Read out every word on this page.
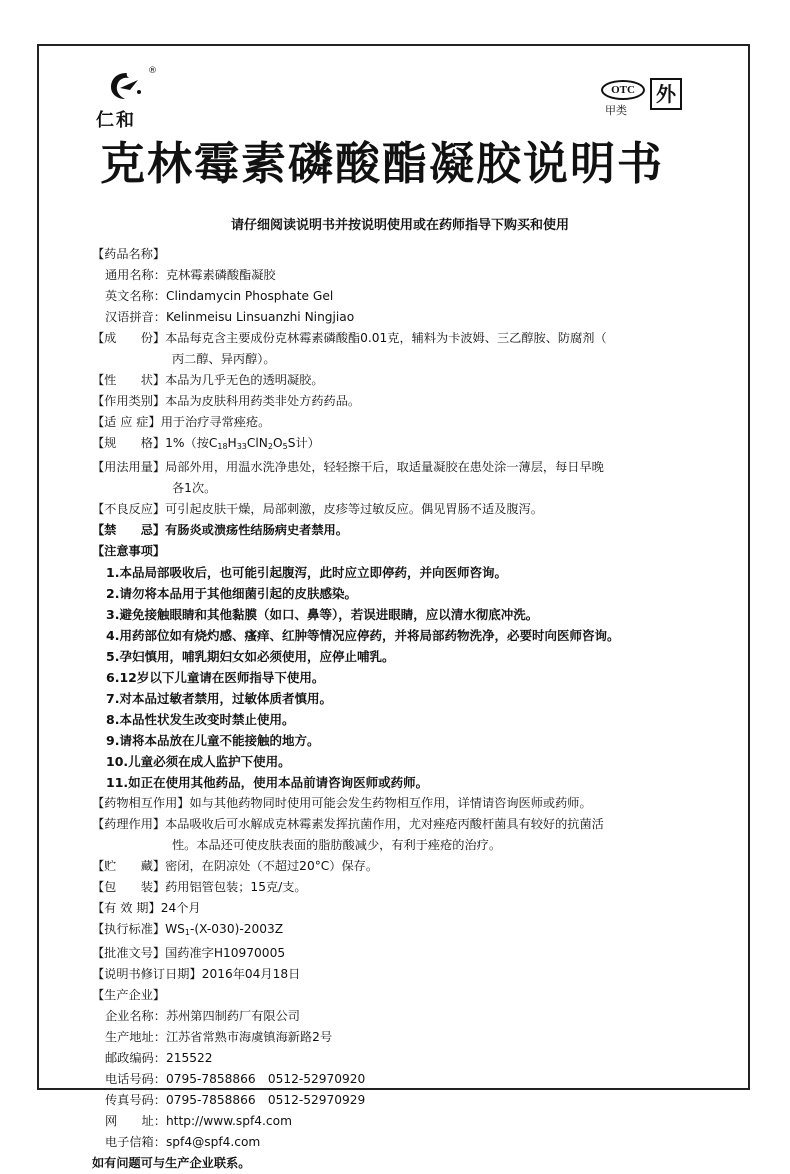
®
仁和
OTC
甲类
外
克林霉素磷酸酯凝胶说明书
请仔细阅读说明书并按说明使用或在药师指导下购买和使用
【药品名称】
通用名称：克林霉素磷酸酯凝胶
英文名称：Clindamycin Phosphate Gel
汉语拼音：Kelinmeisu Linsuanzhi Ningjiao
【成　　份】本品每克含主要成份克林霉素磷酸酯0.01克，辅料为卡波姆、三乙醇胺、防腐剂（
丙二醇、异丙醇）。
【性　　状】本品为几乎无色的透明凝胶。
【作用类别】本品为皮肤科用药类非处方药药品。
【适 应 症】用于治疗寻常痤疮。
【规　　格】1%（按$C_{18}H_{33}ClN_2O_5S$计）
【用法用量】局部外用，用温水洗净患处，轻轻擦干后，取适量凝胶在患处涂一薄层，每日早晚
各1次。
【不良反应】可引起皮肤干燥，局部刺激，皮疹等过敏反应。偶见胃肠不适及腹泻。
【禁　　忌】有肠炎或溃疡性结肠病史者禁用。
【注意事项】
1.本品局部吸收后，也可能引起腹泻，此时应立即停药，并向医师咨询。
2.请勿将本品用于其他细菌引起的皮肤感染。
3.避免接触眼睛和其他黏膜（如口、鼻等），若误进眼睛，应以清水彻底冲洗。
4.用药部位如有烧灼感、瘙痒、红肿等情况应停药，并将局部药物洗净，必要时向医师咨询。
5.孕妇慎用，哺乳期妇女如必须使用，应停止哺乳。
6.12岁以下儿童请在医师指导下使用。
7.对本品过敏者禁用，过敏体质者慎用。
8.本品性状发生改变时禁止使用。
9.请将本品放在儿童不能接触的地方。
10.儿童必须在成人监护下使用。
11.如正在使用其他药品，使用本品前请咨询医师或药师。
【药物相互作用】如与其他药物同时使用可能会发生药物相互作用，详情请咨询医师或药师。
【药理作用】本品吸收后可水解成克林霉素发挥抗菌作用，尤对痤疮丙酸杆菌具有较好的抗菌活
性。本品还可使皮肤表面的脂肪酸减少，有利于痤疮的治疗。
【贮　　藏】密闭，在阴凉处（不超过20°C）保存。
【包　　装】药用铝管包装；15克/支。
【有 效 期】24个月
【执行标准】$WS_1-(X-030)-2003Z$
【批准文号】国药准字H10970005
【说明书修订日期】2016年04月18日
【生产企业】
企业名称：苏州第四制药厂有限公司
生产地址：江苏省常熟市海虞镇海新路2号
邮政编码：215522
电话号码：0795-7858866　0512-52970920
传真号码：0795-7858866　0512-52970929
网　　址：http://www.spf4.com
电子信箱：spf4@spf4.com
如有问题可与生产企业联系。
